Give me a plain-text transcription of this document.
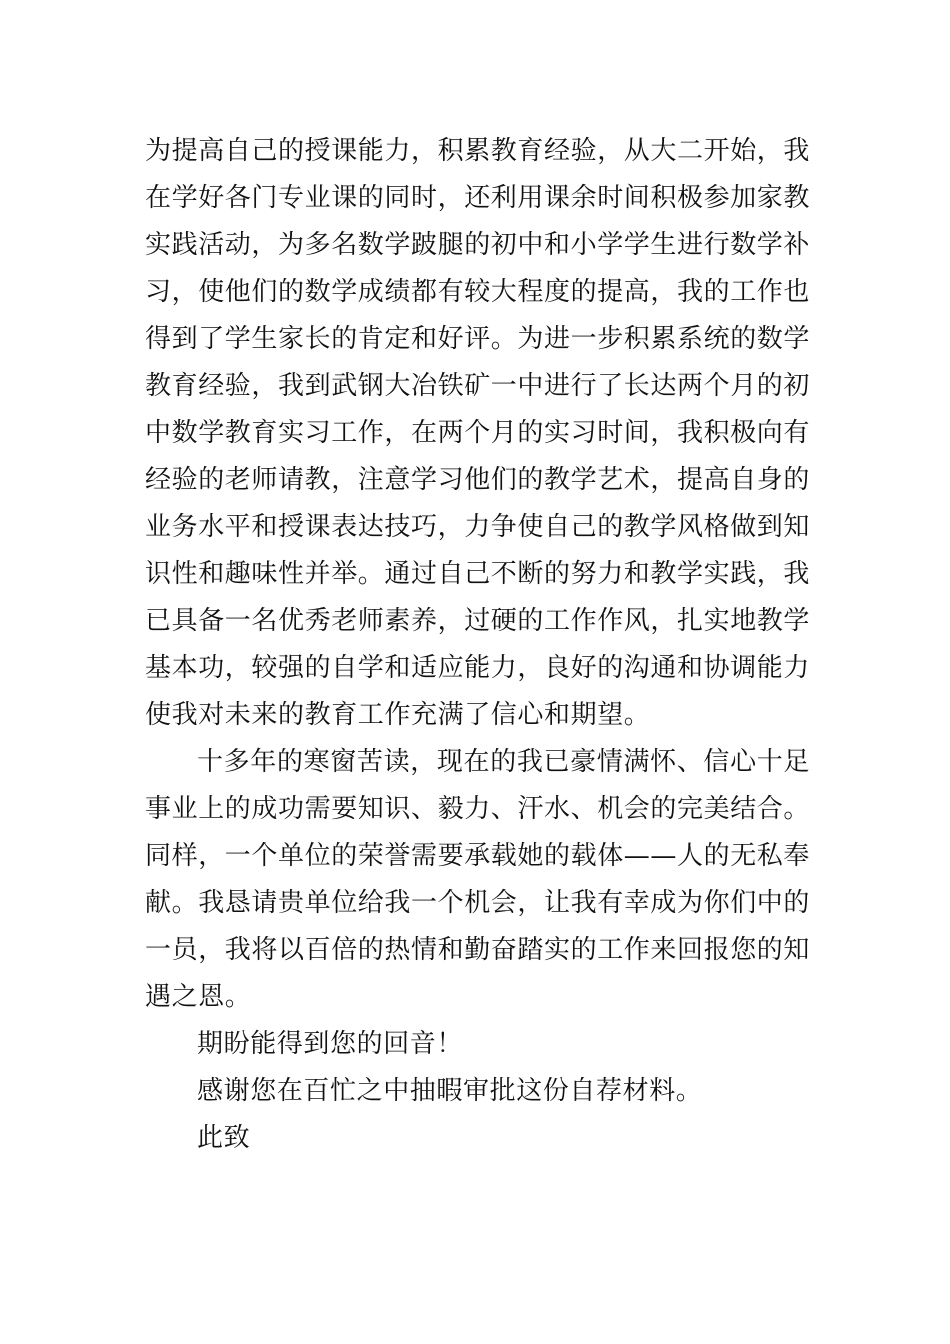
为提高自己的授课能力，积累教育经验，从大二开始，我
在学好各门专业课的同时，还利用课余时间积极参加家教
实践活动，为多名数学跛腿的初中和小学学生进行数学补
习，使他们的数学成绩都有较大程度的提高，我的工作也
得到了学生家长的肯定和好评。为进一步积累系统的数学
教育经验，我到武钢大冶铁矿一中进行了长达两个月的初
中数学教育实习工作，在两个月的实习时间，我积极向有
经验的老师请教，注意学习他们的教学艺术，提高自身的
业务水平和授课表达技巧，力争使自己的教学风格做到知
识性和趣味性并举。通过自己不断的努力和教学实践，我
已具备一名优秀老师素养，过硬的工作作风，扎实地教学
基本功，较强的自学和适应能力，良好的沟通和协调能力
使我对未来的教育工作充满了信心和期望。
十多年的寒窗苦读，现在的我已豪情满怀、信心十足
事业上的成功需要知识、毅力、汗水、机会的完美结合。
同样，一个单位的荣誉需要承载她的载体——人的无私奉
献。我恳请贵单位给我一个机会，让我有幸成为你们中的
一员，我将以百倍的热情和勤奋踏实的工作来回报您的知
遇之恩。
期盼能得到您的回音！
感谢您在百忙之中抽暇审批这份自荐材料。
此致
